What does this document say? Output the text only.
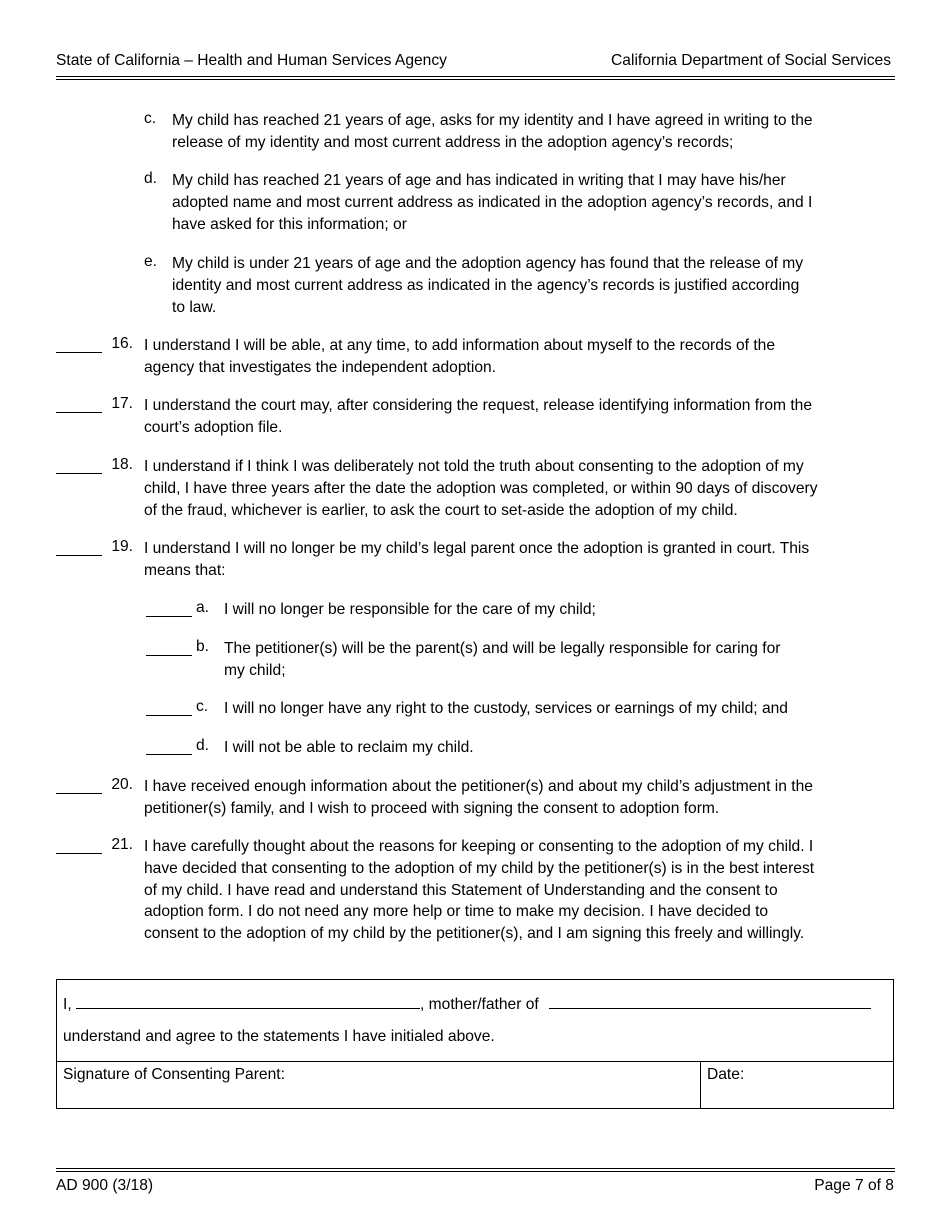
State of California – Health and Human Services Agency	California Department of Social Services
c.	My child has reached 21 years of age, asks for my identity and I have agreed in writing to the
release of my identity and most current address in the adoption agency’s records;
d. My child has reached 21 years of age and has indicated in writing that I may have his/her
adopted name and most current address as indicated in the adoption agency’s records, and I
have asked for this information; or
e. My child is under 21 years of age and the adoption agency has found that the release of my
identity and most current address as indicated in the agency’s records is justified according
to law.
16. I understand I will be able, at any time, to add information about myself to the records of the
agency that investigates the independent adoption.
17. I understand the court may, after considering the request, release identifying information from the
court’s adoption file.
18. I understand if I think I was deliberately not told the truth about consenting to the adoption of my
child, I have three years after the date the adoption was completed, or within 90 days of discovery
of the fraud, whichever is earlier, to ask the court to set-aside the adoption of my child.
19. I understand I will no longer be my child’s legal parent once the adoption is granted in court. This
means that:
a. I will no longer be responsible for the care of my child;
b. The petitioner(s) will be the parent(s) and will be legally responsible for caring for
my child;
c.	I will no longer have any right to the custody, services or earnings of my child; and
d. I will not be able to reclaim my child.
20. I have received enough information about the petitioner(s) and about my child’s adjustment in the
petitioner(s) family, and I wish to proceed with signing the consent to adoption form.
21. I have carefully thought about the reasons for keeping or consenting to the adoption of my child. I
have decided that consenting to the adoption of my child by the petitioner(s) is in the best interest
of my child. I have read and understand this Statement of Understanding and the consent to
adoption form. I do not need any more help or time to make my decision. I have decided to
consent to the adoption of my child by the petitioner(s), and I am signing this freely and willingly.
I,	, mother/father of
understand and agree to the statements I have initialed above.
Signature of Consenting Parent:	Date:
AD 900 (3/18)	Page 7 of 8
